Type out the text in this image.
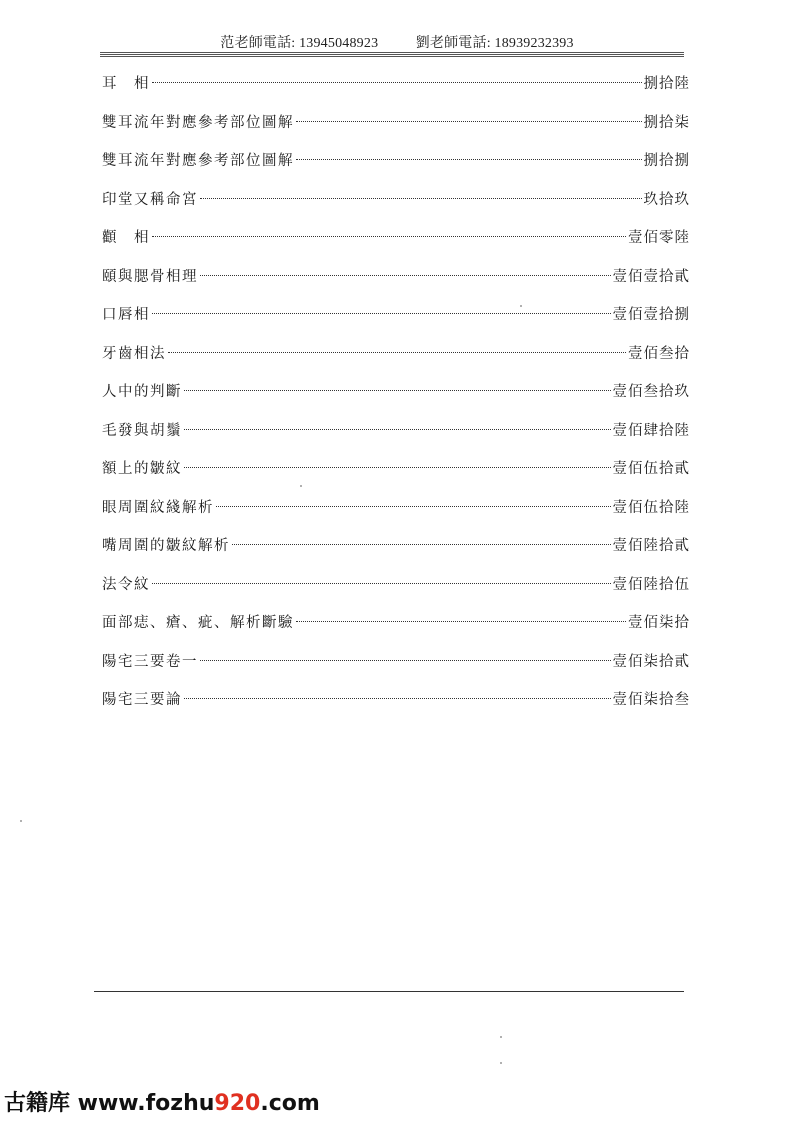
范老師電話: 13945048923	劉老師電話: 18939232393
耳　相	捌拾陸
雙耳流年對應參考部位圖解	捌拾柒
雙耳流年對應參考部位圖解	捌拾捌
印堂又稱命宮	玖拾玖
顴　相	壹佰零陸
頤與腮骨相理	壹佰壹拾貳
口唇相	壹佰壹拾捌
牙齒相法	壹佰叁拾
人中的判斷	壹佰叁拾玖
毛發與胡鬚	壹佰肆拾陸
額上的皺紋	壹佰伍拾貳
眼周圍紋綫解析	壹佰伍拾陸
嘴周圍的皺紋解析	壹佰陸拾貳
法令紋	壹佰陸拾伍
面部痣、瘡、疵、解析斷驗	壹佰柒拾
陽宅三要卷一	壹佰柒拾貳
陽宅三要論	壹佰柒拾叁
古籍库 www.fozhu920.com
